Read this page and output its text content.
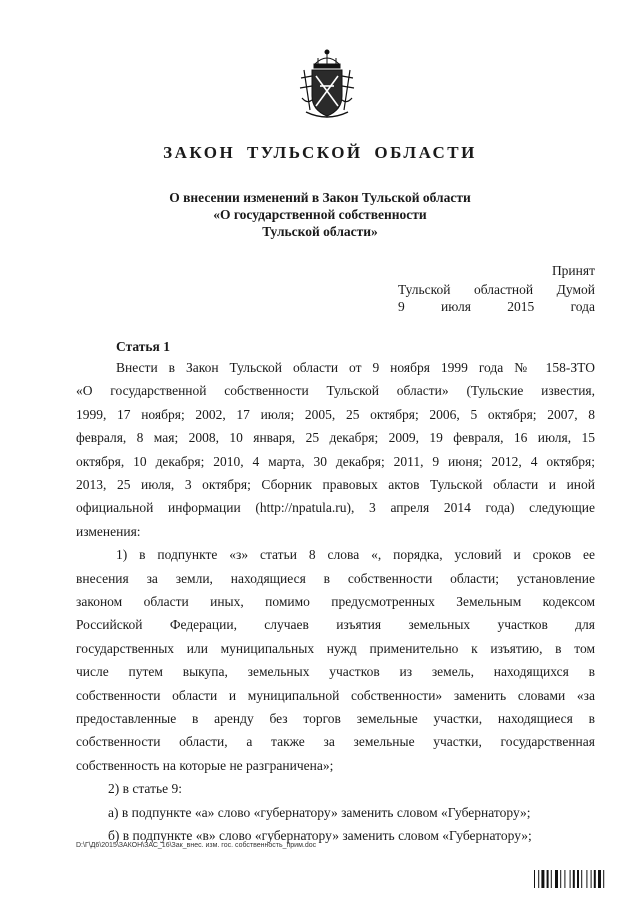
ЗАКОН ТУЛЬСКОЙ ОБЛАСТИ
О внесении изменений в Закон Тульской области
«О государственной собственности
Тульской области»
Принят
Тульской областной Думой
9	июля	2015	года
Статья 1
Внести в Закон Тульской области от 9 ноября 1999 года № 158-ЗТО
«О государственной собственности Тульской области» (Тульские известия,
1999, 17 ноября; 2002, 17 июля; 2005, 25 октября; 2006, 5 октября; 2007, 8
февраля, 8 мая; 2008, 10 января, 25 декабря; 2009, 19 февраля, 16 июля, 15
октября, 10 декабря; 2010, 4 марта, 30 декабря; 2011, 9 июня; 2012, 4 октября;
2013, 25 июля, 3 октября; Сборник правовых актов Тульской области и иной
официальной информации (http://npatula.ru), 3 апреля 2014 года) следующие
изменения:
1) в подпункте «з» статьи 8 слова «, порядка, условий и сроков ее
внесения за земли, находящиеся в собственности области; установление
законом области иных, помимо предусмотренных Земельным кодексом
Российской Федерации, случаев изъятия земельных участков для
государственных или муниципальных нужд применительно к изъятию, в том
числе путем выкупа, земельных участков из земель, находящихся в
собственности области и муниципальной собственности» заменить словами «за
предоставленные в аренду без торгов земельные участки, находящиеся в
собственности области, а также за земельные участки, государственная
собственность на которые не разграничена»;
2) в статье 9:
а) в подпункте «а» слово «губернатору» заменить словом «Губернатору»;
б) в подпункте «в» слово «губернатору» заменить словом «Губернатору»;
D:\Г\Д6\2015\ЗАКОН\ЗАС_16\Зак_внес. изм. гос. собственность_прим.doc
